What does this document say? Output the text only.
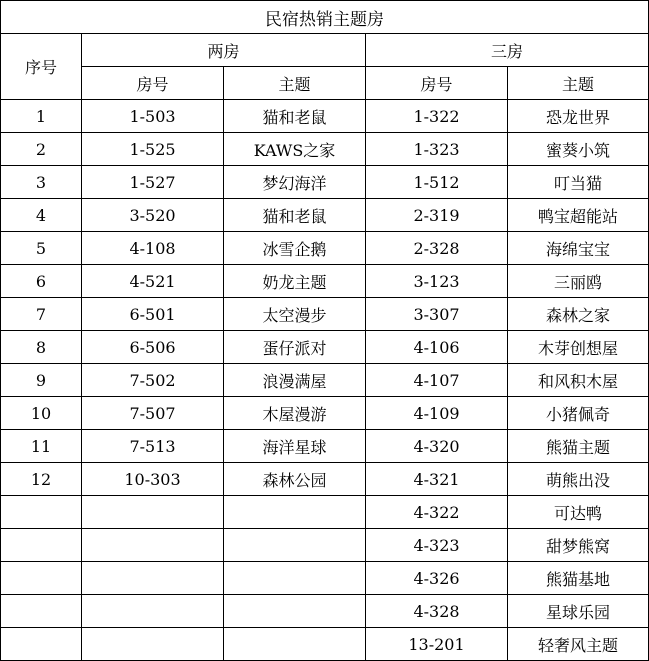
民宿热销主题房				
序号	两房		三房	
	房号	主题	房号	主题
1	1-503	猫和老鼠	1-322	恐龙世界
2	1-525	KAWS之家	1-323	蜜葵小筑
3	1-527	梦幻海洋	1-512	叮当猫
4	3-520	猫和老鼠	2-319	鸭宝超能站
5	4-108	冰雪企鹅	2-328	海绵宝宝
6	4-521	奶龙主题	3-123	三丽鸥
7	6-501	太空漫步	3-307	森林之家
8	6-506	蛋仔派对	4-106	木芽创想屋
9	7-502	浪漫满屋	4-107	和风积木屋
10	7-507	木屋漫游	4-109	小猪佩奇
11	7-513	海洋星球	4-320	熊猫主题
12	10-303	森林公园	4-321	萌熊出没
			4-322	可达鸭
			4-323	甜梦熊窝
			4-326	熊猫基地
			4-328	星球乐园
			13-201	轻奢风主题
